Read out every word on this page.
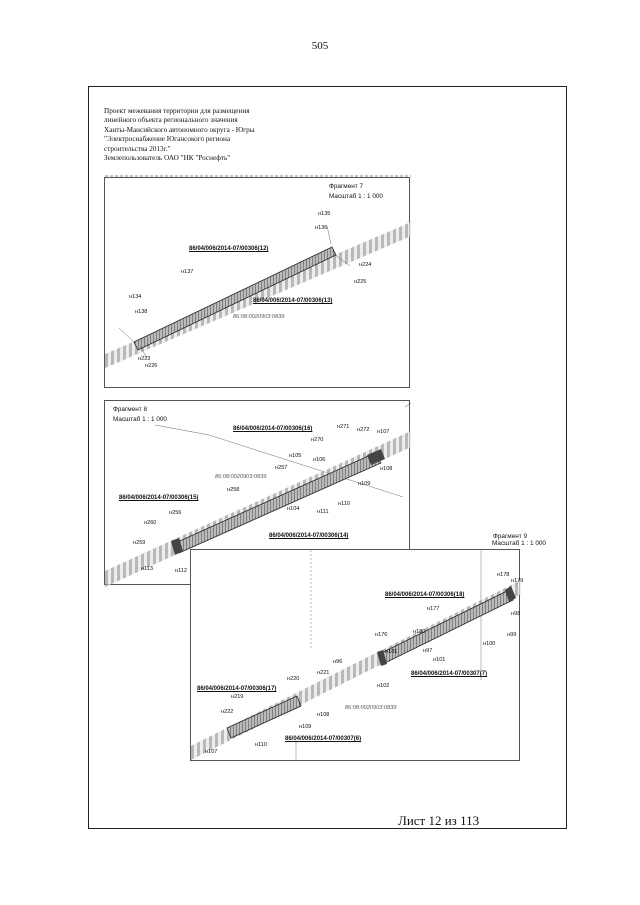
505
Проект межевания территории для размещения
линейного объекта регионального значения
Ханты-Мансийского автономного округа - Югры
"Электроснабжение Югансокого региона
строительства 2013г."
Землепользователь ОАО "НК "Роснефть"
Фрагмент 7
Масштаб 1 : 1 000
86/04/006/2014-07/00306(12)
86/04/006/2014-07/00306(13)
86:08:0020903:0839
н135
н136
н224
н225
н137
н134
н138
н223
н226
Фрагмент 8
Масштаб 1 : 1 000
86/04/006/2014-07/00306(16)
86/04/006/2014-07/00306(15)
86/04/006/2014-07/00306(14)
86:08:0020903:0839
н271 н272 н107
н270
н105
н106
н108
н257
н109
н258
н110
н104	н111
н256
н260
н259
н113	н112
Фрагмент 9
86/04/006/2014-07/00306(18)
86/04/006/2014-07/00307(7)
86/04/006/2014-07/00306(17)
86/04/006/2014-07/00307(6)
86:08:0020903:0839
н178
н179
н177
н98
н99
н176	н180
н97
н181
н101
н100
н96
н102
н220
н221
н219
н222	н108
н109
н110
н107
Масштаб 1 : 1 000
Лист 12 из 113
